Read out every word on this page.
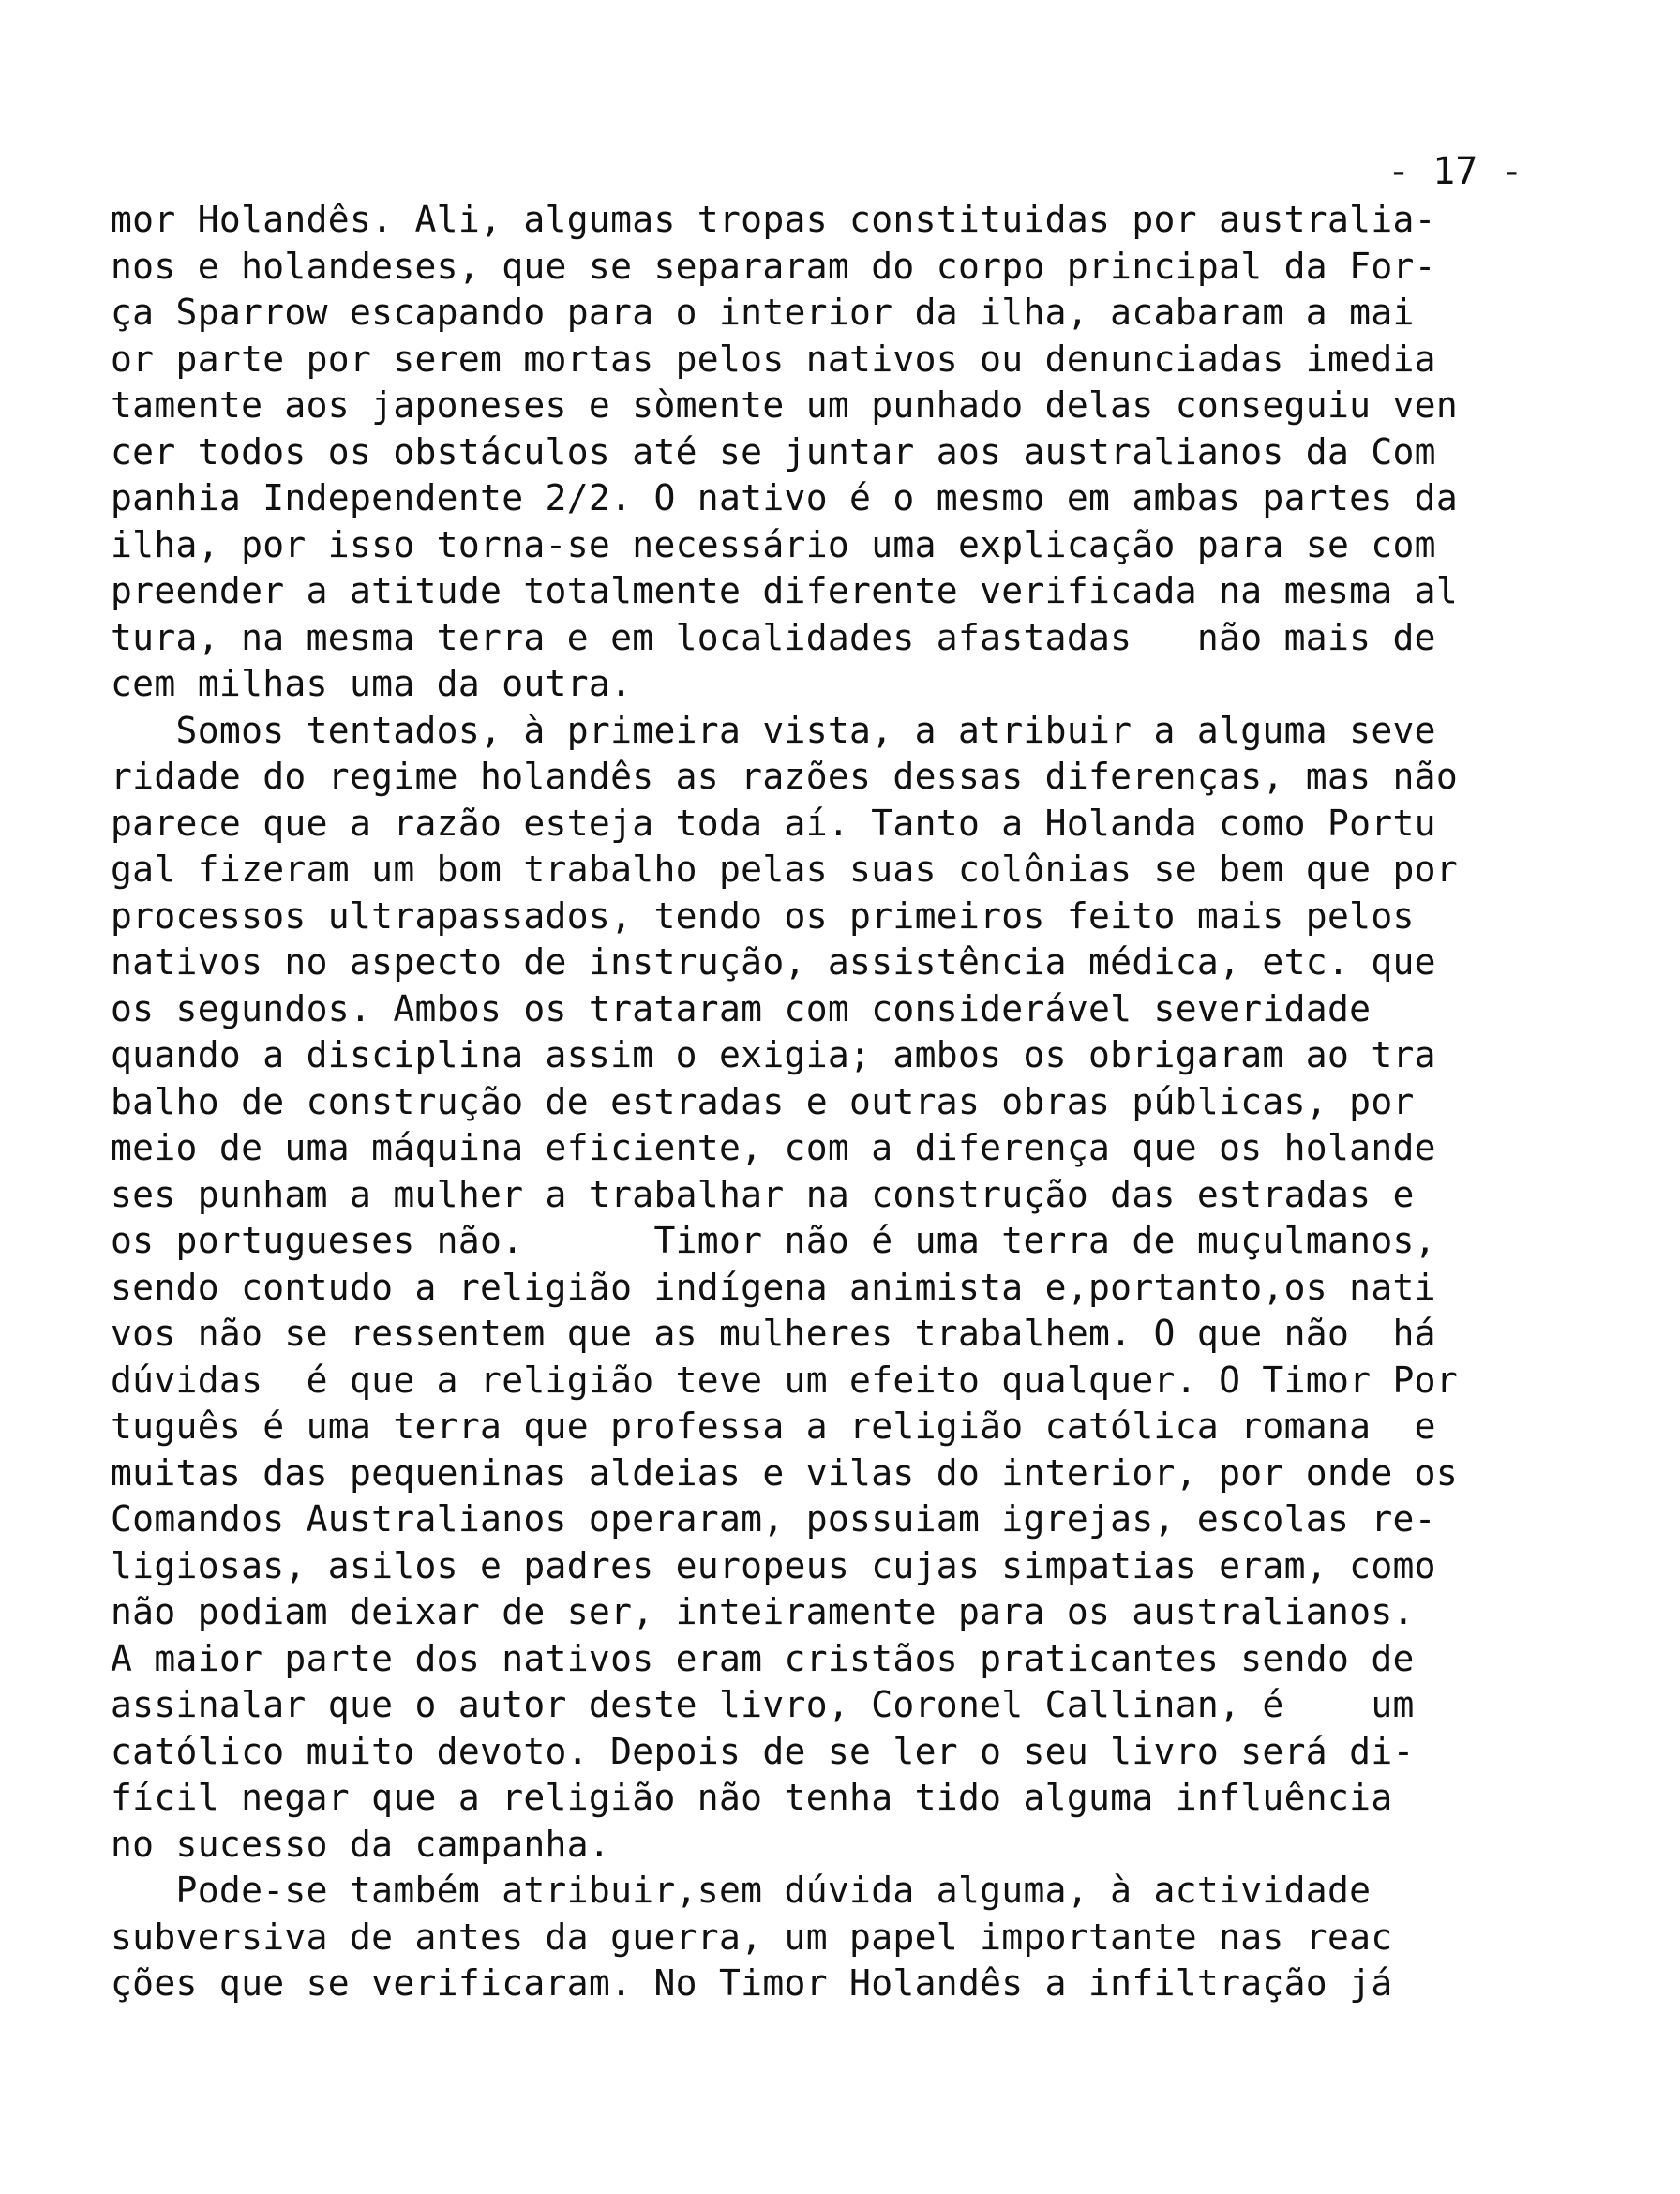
- 17 -
mor Holandês. Ali, algumas tropas constituidas por australia-
nos e holandeses, que se separaram do corpo principal da For-
ça Sparrow escapando para o interior da ilha, acabaram a mai
or parte por serem mortas pelos nativos ou denunciadas imedia
tamente aos japoneses e sòmente um punhado delas conseguiu ven
cer todos os obstáculos até se juntar aos australianos da Com
panhia Independente 2/2. O nativo é o mesmo em ambas partes da
ilha, por isso torna-se necessário uma explicação para se com
preender a atitude totalmente diferente verificada na mesma al
tura, na mesma terra e em localidades afastadas   não mais de
cem milhas uma da outra.
Somos tentados, à primeira vista, a atribuir a alguma seve
ridade do regime holandês as razões dessas diferenças, mas não
parece que a razão esteja toda aí. Tanto a Holanda como Portu
gal fizeram um bom trabalho pelas suas colônias se bem que por
processos ultrapassados, tendo os primeiros feito mais pelos
nativos no aspecto de instrução, assistência médica, etc. que
os segundos. Ambos os trataram com considerável severidade
quando a disciplina assim o exigia; ambos os obrigaram ao tra
balho de construção de estradas e outras obras públicas, por
meio de uma máquina eficiente, com a diferença que os holande
ses punham a mulher a trabalhar na construção das estradas e
os portugueses não.      Timor não é uma terra de muçulmanos,
sendo contudo a religião indígena animista e,portanto,os nati
vos não se ressentem que as mulheres trabalhem. O que não  há
dúvidas  é que a religião teve um efeito qualquer. O Timor Por
tuguês é uma terra que professa a religião católica romana  e
muitas das pequeninas aldeias e vilas do interior, por onde os
Comandos Australianos operaram, possuiam igrejas, escolas re-
ligiosas, asilos e padres europeus cujas simpatias eram, como
não podiam deixar de ser, inteiramente para os australianos.
A maior parte dos nativos eram cristãos praticantes sendo de
assinalar que o autor deste livro, Coronel Callinan, é    um
católico muito devoto. Depois de se ler o seu livro será di-
fícil negar que a religião não tenha tido alguma influência
no sucesso da campanha.
Pode-se também atribuir,sem dúvida alguma, à actividade
subversiva de antes da guerra, um papel importante nas reac
ções que se verificaram. No Timor Holandês a infiltração já
